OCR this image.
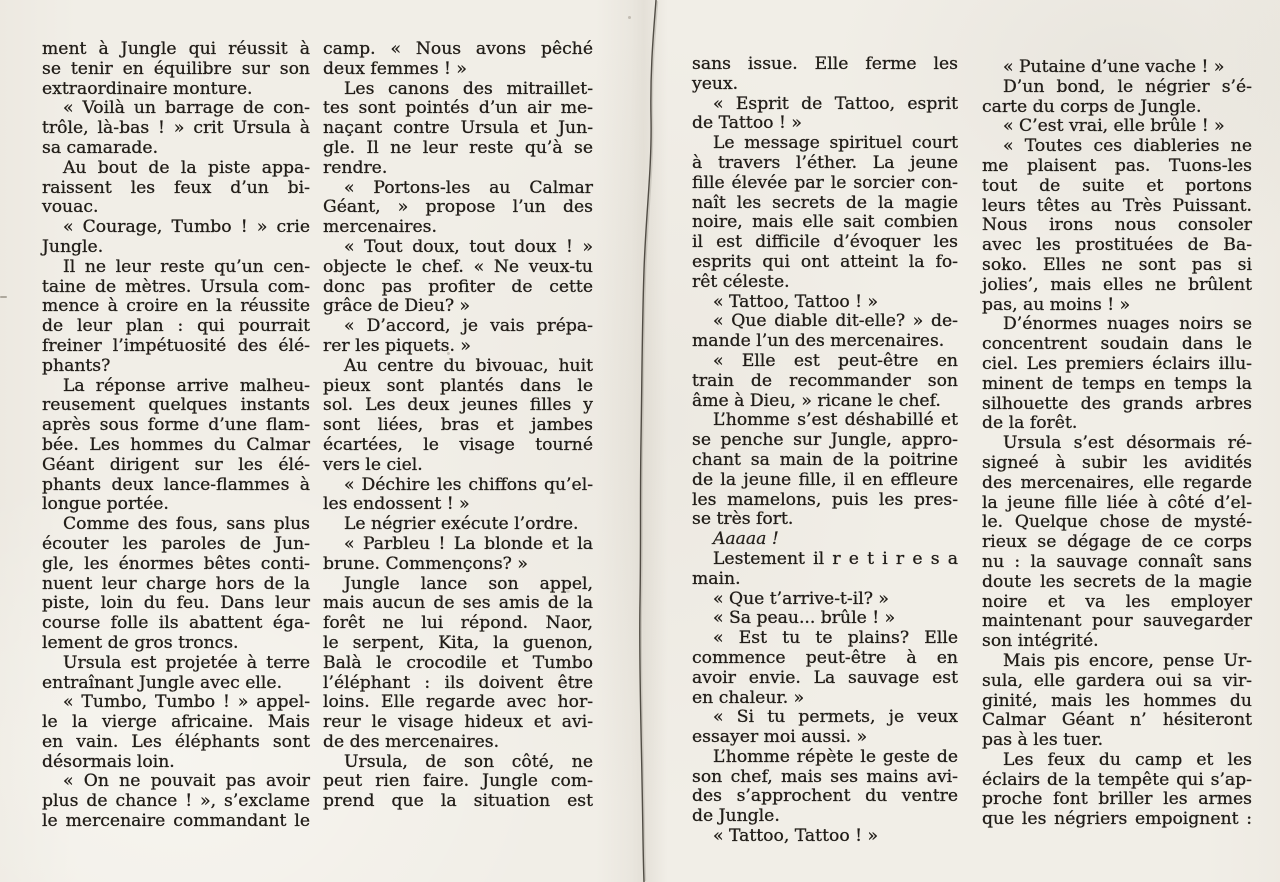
ment à Jungle qui réussit à
se tenir en équilibre sur son
extraordinaire monture.
« Voilà un barrage de con-
trôle, là-bas ! » crit Ursula à
sa camarade.
Au bout de la piste appa-
raissent les feux d’un bi-
vouac.
« Courage, Tumbo ! » crie
Jungle.
Il ne leur reste qu’un cen-
taine de mètres. Ursula com-
mence à croire en la réussite
de leur plan : qui pourrait
freiner l’impétuosité des élé-
phants?
La réponse arrive malheu-
reusement quelques instants
après sous forme d’une flam-
bée. Les hommes du Calmar
Géant dirigent sur les élé-
phants deux lance-flammes à
longue portée.
Comme des fous, sans plus
écouter les paroles de Jun-
gle, les énormes bêtes conti-
nuent leur charge hors de la
piste, loin du feu. Dans leur
course folle ils abattent éga-
lement de gros troncs.
Ursula est projetée à terre
entraînant Jungle avec elle.
« Tumbo, Tumbo ! » appel-
le la vierge africaine. Mais
en vain. Les éléphants sont
désormais loin.
« On ne pouvait pas avoir
plus de chance ! », s’exclame
le mercenaire commandant le
camp. « Nous avons pêché
deux femmes ! »
Les canons des mitraillet-
tes sont pointés d’un air me-
naçant contre Ursula et Jun-
gle. Il ne leur reste qu’à se
rendre.
« Portons-les au Calmar
Géant, » propose l’un des
mercenaires.
« Tout doux, tout doux ! »
objecte le chef. « Ne veux-tu
donc pas profiter de cette
grâce de Dieu? »
« D’accord, je vais prépa-
rer les piquets. »
Au centre du bivouac, huit
pieux sont plantés dans le
sol. Les deux jeunes filles y
sont liées, bras et jambes
écartées, le visage tourné
vers le ciel.
« Déchire les chiffons qu’el-
les endossent ! »
Le négrier exécute l’ordre.
« Parbleu ! La blonde et la
brune. Commençons? »
Jungle lance son appel,
mais aucun de ses amis de la
forêt ne lui répond. Naor,
le serpent, Kita, la guenon,
Balà le crocodile et Tumbo
l’éléphant : ils doivent être
loins. Elle regarde avec hor-
reur le visage hideux et avi-
de des mercenaires.
Ursula, de son côté, ne
peut rien faire. Jungle com-
prend que la situation est
sans issue. Elle ferme les
yeux.
« Esprit de Tattoo, esprit
de Tattoo ! »
Le message spirituel court
à travers l’éther. La jeune
fille élevée par le sorcier con-
naît les secrets de la magie
noire, mais elle sait combien
il est difficile d’évoquer les
esprits qui ont atteint la fo-
rêt céleste.
« Tattoo, Tattoo ! »
« Que diable dit-elle? » de-
mande l’un des mercenaires.
« Elle est peut-être en
train de recommander son
âme à Dieu, » ricane le chef.
L’homme s’est déshabillé et
se penche sur Jungle, appro-
chant sa main de la poitrine
de la jeune fille, il en effleure
les mamelons, puis les pres-
se très fort.
Aaaaa !
Lestement il r e t i r e s a
main.
« Que t’arrive-t-il? »
« Sa peau... brûle ! »
« Est tu te plains? Elle
commence peut-être à en
avoir envie. La sauvage est
en chaleur. »
« Si tu permets, je veux
essayer moi aussi. »
L’homme répète le geste de
son chef, mais ses mains avi-
des s’approchent du ventre
de Jungle.
« Tattoo, Tattoo ! »
« Putaine d’une vache ! »
D’un bond, le négrier s’é-
carte du corps de Jungle.
« C’est vrai, elle brûle ! »
« Toutes ces diableries ne
me plaisent pas. Tuons-les
tout de suite et portons
leurs têtes au Très Puissant.
Nous irons nous consoler
avec les prostituées de Ba-
soko. Elles ne sont pas si
jolies’, mais elles ne brûlent
pas, au moins ! »
D’énormes nuages noirs se
concentrent soudain dans le
ciel. Les premiers éclairs illu-
minent de temps en temps la
silhouette des grands arbres
de la forêt.
Ursula s’est désormais ré-
signeé à subir les avidités
des mercenaires, elle regarde
la jeune fille liée à côté d’el-
le. Quelque chose de mysté-
rieux se dégage de ce corps
nu : la sauvage connaît sans
doute les secrets de la magie
noire et va les employer
maintenant pour sauvegarder
son intégrité.
Mais pis encore, pense Ur-
sula, elle gardera oui sa vir-
ginité, mais les hommes du
Calmar Géant n’ hésiteront
pas à les tuer.
Les feux du camp et les
éclairs de la tempête qui s’ap-
proche font briller les armes
que les négriers empoignent :
